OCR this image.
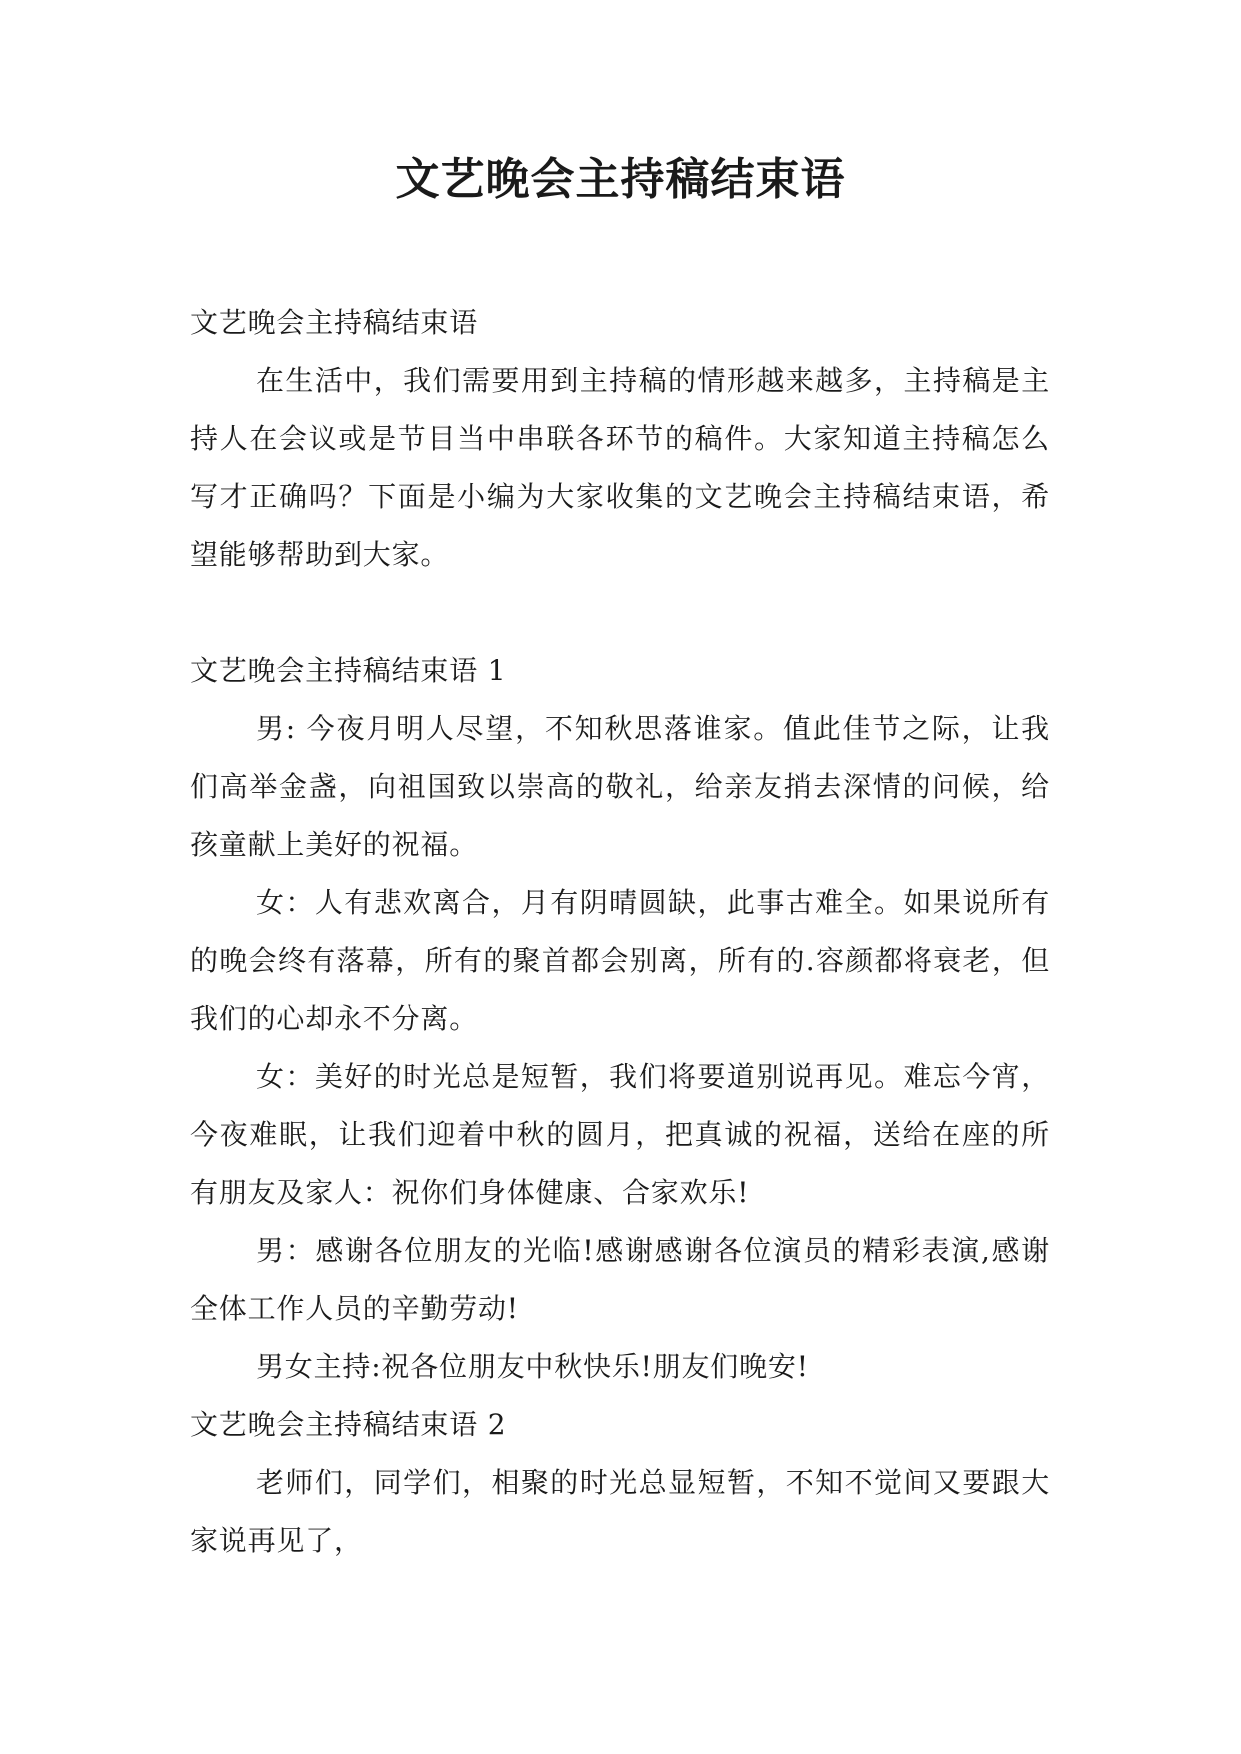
文艺晚会主持稿结束语

文艺晚会主持稿结束语

在生活中，我们需要用到主持稿的情形越来越多，主持稿是主持人在会议或是节目当中串联各环节的稿件。大家知道主持稿怎么写才正确吗？下面是小编为大家收集的文艺晚会主持稿结束语，希望能够帮助到大家。

文艺晚会主持稿结束语 1

男: 今夜月明人尽望，不知秋思落谁家。值此佳节之际，让我们高举金盏，向祖国致以崇高的敬礼，给亲友捎去深情的问候，给孩童献上美好的祝福。

女：人有悲欢离合，月有阴晴圆缺，此事古难全。如果说所有的晚会终有落幕，所有的聚首都会别离，所有的.容颜都将衰老，但我们的心却永不分离。

女：美好的时光总是短暂，我们将要道别说再见。难忘今宵，今夜难眠，让我们迎着中秋的圆月，把真诚的祝福，送给在座的所有朋友及家人：祝你们身体健康、合家欢乐!

男：感谢各位朋友的光临!感谢感谢各位演员的精彩表演,感谢全体工作人员的辛勤劳动!

男女主持:祝各位朋友中秋快乐!朋友们晚安!

文艺晚会主持稿结束语 2

老师们，同学们，相聚的时光总显短暂，不知不觉间又要跟大家说再见了，
